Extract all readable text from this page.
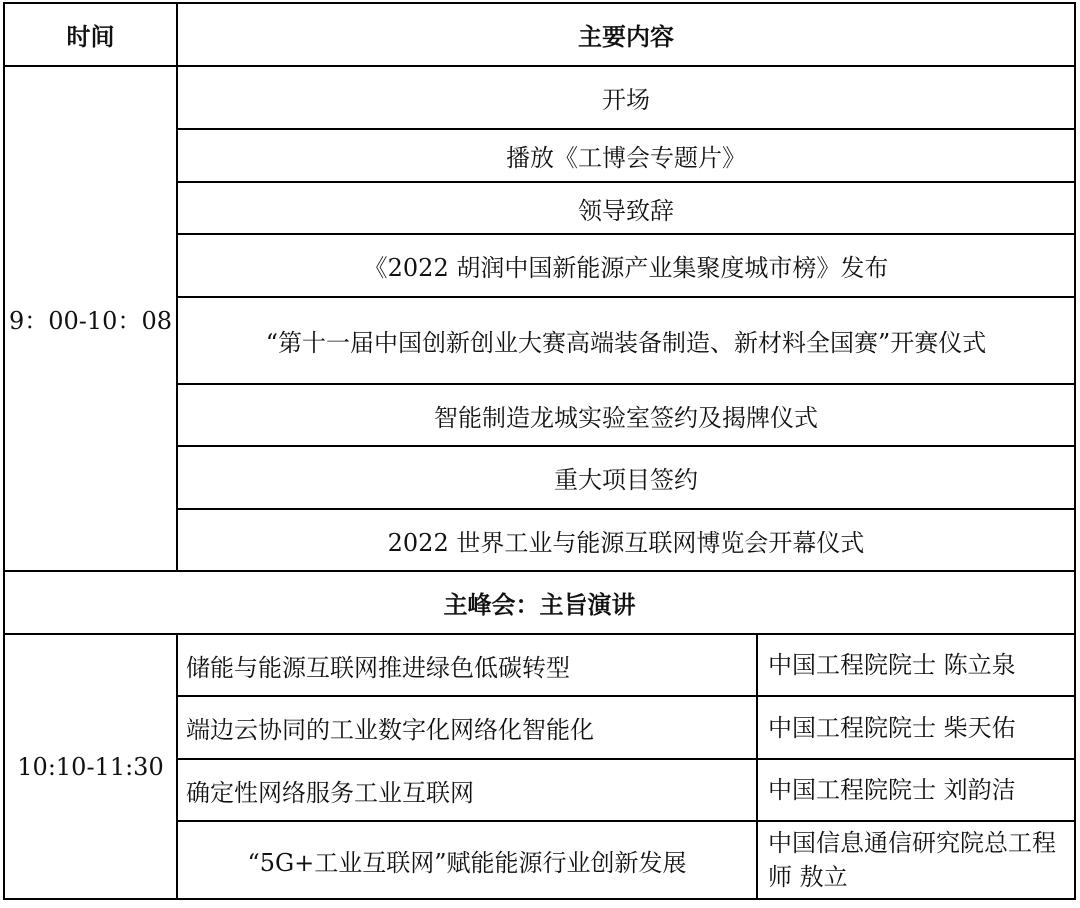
时间	主要内容	
9：00-10：08	开场	
	播放《工博会专题片》	
	领导致辞	
	《2022 胡润中国新能源产业集聚度城市榜》发布	
	“第十一届中国创新创业大赛高端装备制造、新材料全国赛”开赛仪式	
	智能制造龙城实验室签约及揭牌仪式	
	重大项目签约	
	2022 世界工业与能源互联网博览会开幕仪式	
主峰会：主旨演讲		
10:10-11:30	储能与能源互联网推进绿色低碳转型	中国工程院院士 陈立泉
	端边云协同的工业数字化网络化智能化	中国工程院院士 柴天佑
	确定性网络服务工业互联网	中国工程院院士 刘韵洁
	“5G+工业互联网”赋能能源行业创新发展	中国信息通信研究院总工程师 敖立
